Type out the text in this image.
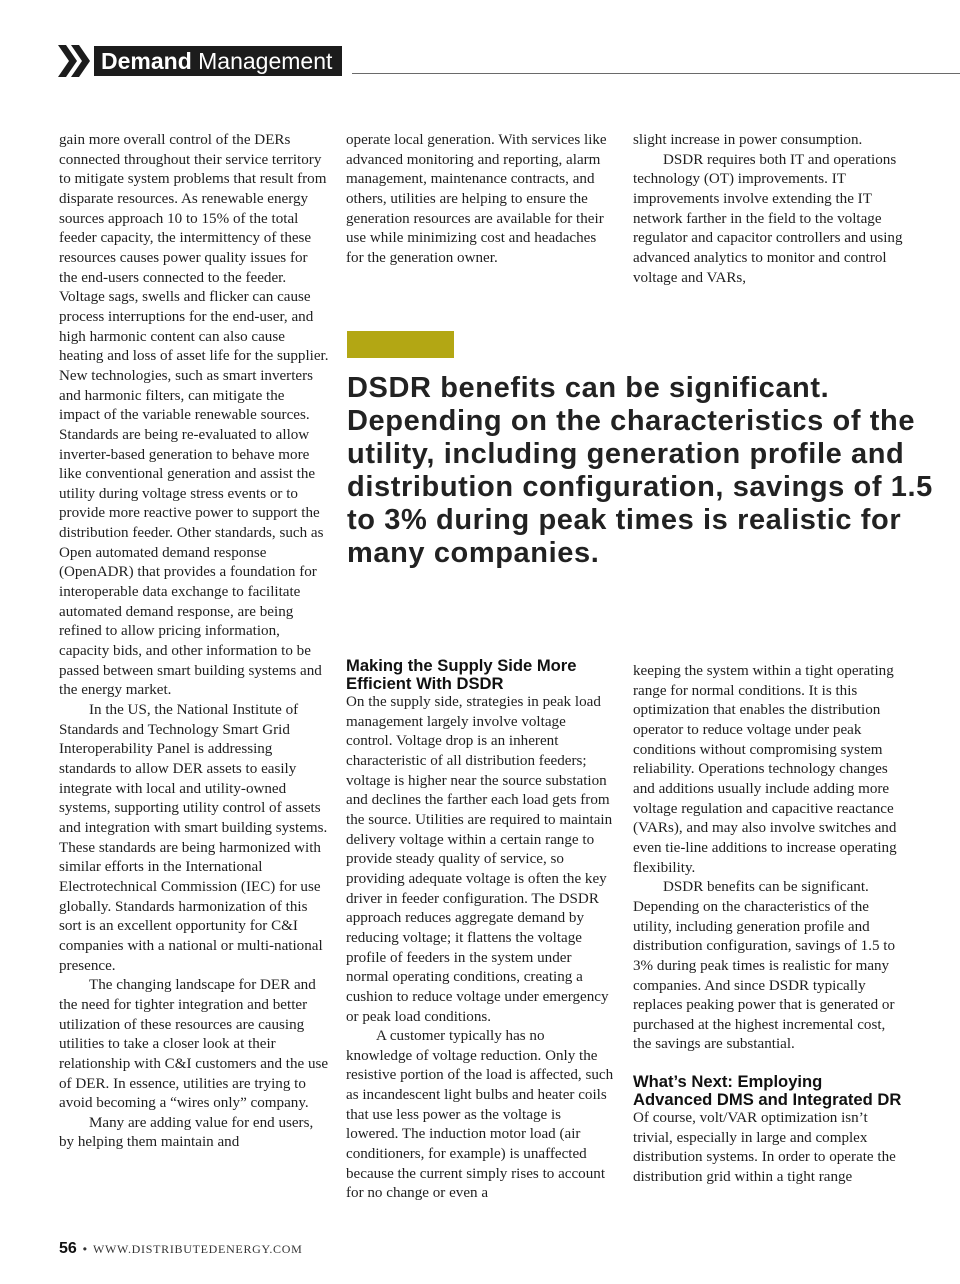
Demand Management

gain more overall control of the DERs connected throughout their service territory to mitigate system problems that result from disparate resources. As renewable energy sources approach 10 to 15% of the total feeder capacity, the intermittency of these resources causes power quality issues for the end-users connected to the feeder. Voltage sags, swells and flicker can cause process interruptions for the end-user, and high harmonic content can also cause heating and loss of asset life for the supplier. New technologies, such as smart inverters and harmonic filters, can mitigate the impact of the variable renewable sources. Standards are being re-evaluated to allow inverter-based generation to behave more like conventional generation and assist the utility during voltage stress events or to provide more reactive power to support the distribution feeder. Other standards, such as Open automated demand response (OpenADR) that provides a foundation for interoperable data exchange to facilitate automated demand response, are being refined to allow pricing information, capacity bids, and other information to be passed between smart building systems and the energy market.

In the US, the National Institute of Standards and Technology Smart Grid Interoperability Panel is addressing standards to allow DER assets to easily integrate with local and utility-owned systems, supporting utility control of assets and integration with smart building systems. These standards are being harmonized with similar efforts in the International Electrotechnical Commission (IEC) for use globally. Standards harmonization of this sort is an excellent opportunity for C&I companies with a national or multi-national presence.

The changing landscape for DER and the need for tighter integration and better utilization of these resources are causing utilities to take a closer look at their relationship with C&I customers and the use of DER. In essence, utilities are trying to avoid becoming a “wires only” company.

Many are adding value for end users, by helping them maintain and

operate local generation. With services like advanced monitoring and reporting, alarm management, maintenance contracts, and others, utilities are helping to ensure the generation resources are available for their use while minimizing cost and headaches for the generation owner.

slight increase in power consumption.

DSDR requires both IT and operations technology (OT) improvements. IT improvements involve extending the IT network farther in the field to the voltage regulator and capacitor controllers and using advanced analytics to monitor and control voltage and VARs,

DSDR benefits can be significant. Depending on the characteristics of the utility, including generation profile and distribution configuration, savings of 1.5 to 3% during peak times is realistic for many companies.
Making the Supply Side More Efficient With DSDR

On the supply side, strategies in peak load management largely involve voltage control. Voltage drop is an inherent characteristic of all distribution feeders; voltage is higher near the source substation and declines the farther each load gets from the source. Utilities are required to maintain delivery voltage within a certain range to provide steady quality of service, so providing adequate voltage is often the key driver in feeder configuration. The DSDR approach reduces aggregate demand by reducing voltage; it flattens the voltage profile of feeders in the system under normal operating conditions, creating a cushion to reduce voltage under emergency or peak load conditions.

A customer typically has no knowledge of voltage reduction. Only the resistive portion of the load is affected, such as incandescent light bulbs and heater coils that use less power as the voltage is lowered. The induction motor load (air conditioners, for example) is unaffected because the current simply rises to account for no change or even a

keeping the system within a tight operating range for normal conditions. It is this optimization that enables the distribution operator to reduce voltage under peak conditions without compromising system reliability. Operations technology changes and additions usually include adding more voltage regulation and capacitive reactance (VARs), and may also involve switches and even tie-line additions to increase operating flexibility.

DSDR benefits can be significant. Depending on the characteristics of the utility, including generation profile and distribution configuration, savings of 1.5 to 3% during peak times is realistic for many companies. And since DSDR typically replaces peaking power that is generated or purchased at the highest incremental cost, the savings are substantial.

What’s Next: Employing Advanced DMS and Integrated DR

Of course, volt/VAR optimization isn’t trivial, especially in large and complex distribution systems. In order to operate the distribution grid within a tight range

56 • WWW.DISTRIBUTEDENERGY.COM
